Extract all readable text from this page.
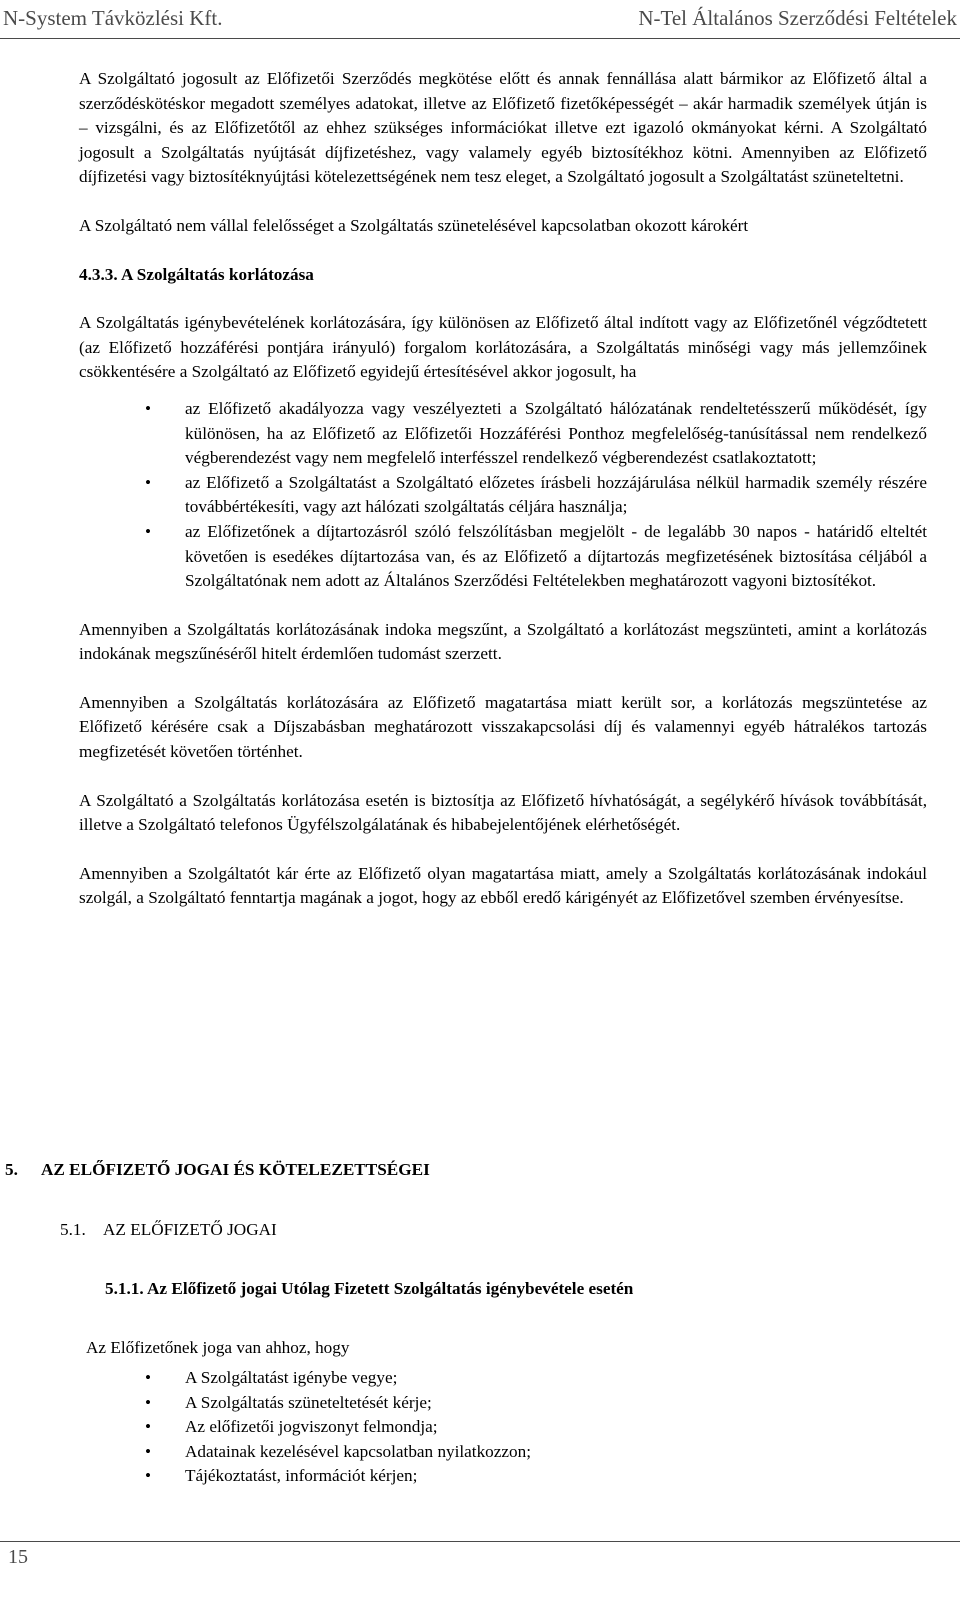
N-System Távközlési Kft.	N-Tel Általános Szerződési Feltételek

A Szolgáltató jogosult az Előfizetői Szerződés megkötése előtt és annak fennállása alatt bármikor az Előfizető által a szerződéskötéskor megadott személyes adatokat, illetve az Előfizető fizetőképességét – akár harmadik személyek útján is – vizsgálni, és az Előfizetőtől az ehhez szükséges információkat illetve ezt igazoló okmányokat kérni. A Szolgáltató jogosult a Szolgáltatás nyújtását díjfizetéshez, vagy valamely egyéb biztosítékhoz kötni. Amennyiben az Előfizető díjfizetési vagy biztosítéknyújtási kötelezettségének nem tesz eleget, a Szolgáltató jogosult a Szolgáltatást szüneteltetni.

A Szolgáltató nem vállal felelősséget a Szolgáltatás szünetelésével kapcsolatban okozott károkért

4.3.3. A Szolgáltatás korlátozása

A Szolgáltatás igénybevételének korlátozására, így különösen az Előfizető által indított vagy az Előfizetőnél végződtetett (az Előfizető hozzáférési pontjára irányuló) forgalom korlátozására, a Szolgáltatás minőségi vagy más jellemzőinek csökkentésére a Szolgáltató az Előfizető egyidejű értesítésével akkor jogosult, ha

• az Előfizető akadályozza vagy veszélyezteti a Szolgáltató hálózatának rendeltetésszerű működését, így különösen, ha az Előfizető az Előfizetői Hozzáférési Ponthoz megfelelőség-tanúsítással nem rendelkező végberendezést vagy nem megfelelő interfésszel rendelkező végberendezést csatlakoztatott;
• az Előfizető a Szolgáltatást a Szolgáltató előzetes írásbeli hozzájárulása nélkül harmadik személy részére továbbértékesíti, vagy azt hálózati szolgáltatás céljára használja;
• az Előfizetőnek a díjtartozásról szóló felszólításban megjelölt - de legalább 30 napos - határidő elteltét követően is esedékes díjtartozása van, és az Előfizető a díjtartozás megfizetésének biztosítása céljából a Szolgáltatónak nem adott az Általános Szerződési Feltételekben meghatározott vagyoni biztosítékot.

Amennyiben a Szolgáltatás korlátozásának indoka megszűnt, a Szolgáltató a korlátozást megszünteti, amint a korlátozás indokának megszűnéséről hitelt érdemlően tudomást szerzett.

Amennyiben a Szolgáltatás korlátozására az Előfizető magatartása miatt került sor, a korlátozás megszüntetése az Előfizető kérésére csak a Díjszabásban meghatározott visszakapcsolási díj és valamennyi egyéb hátralékos tartozás megfizetését követően történhet.

A Szolgáltató a Szolgáltatás korlátozása esetén is biztosítja az Előfizető hívhatóságát, a segélykérő hívások továbbítását, illetve a Szolgáltató telefonos Ügyfélszolgálatának és hibabejelentőjének elérhetőségét.

Amennyiben a Szolgáltatót kár érte az Előfizető olyan magatartása miatt, amely a Szolgáltatás korlátozásának indokául szolgál, a Szolgáltató fenntartja magának a jogot, hogy az ebből eredő kárigényét az Előfizetővel szemben érvényesítse.

5. AZ ELŐFIZETŐ JOGAI ÉS KÖTELEZETTSÉGEI
5.1. AZ ELŐFIZETŐ JOGAI
5.1.1. Az Előfizető jogai Utólag Fizetett Szolgáltatás igénybevétele esetén
Az Előfizetőnek joga van ahhoz, hogy
• A Szolgáltatást igénybe vegye;
• A Szolgáltatás szüneteltetését kérje;
• Az előfizetői jogviszonyt felmondja;
• Adatainak kezelésével kapcsolatban nyilatkozzon;
• Tájékoztatást, információt kérjen;
15
